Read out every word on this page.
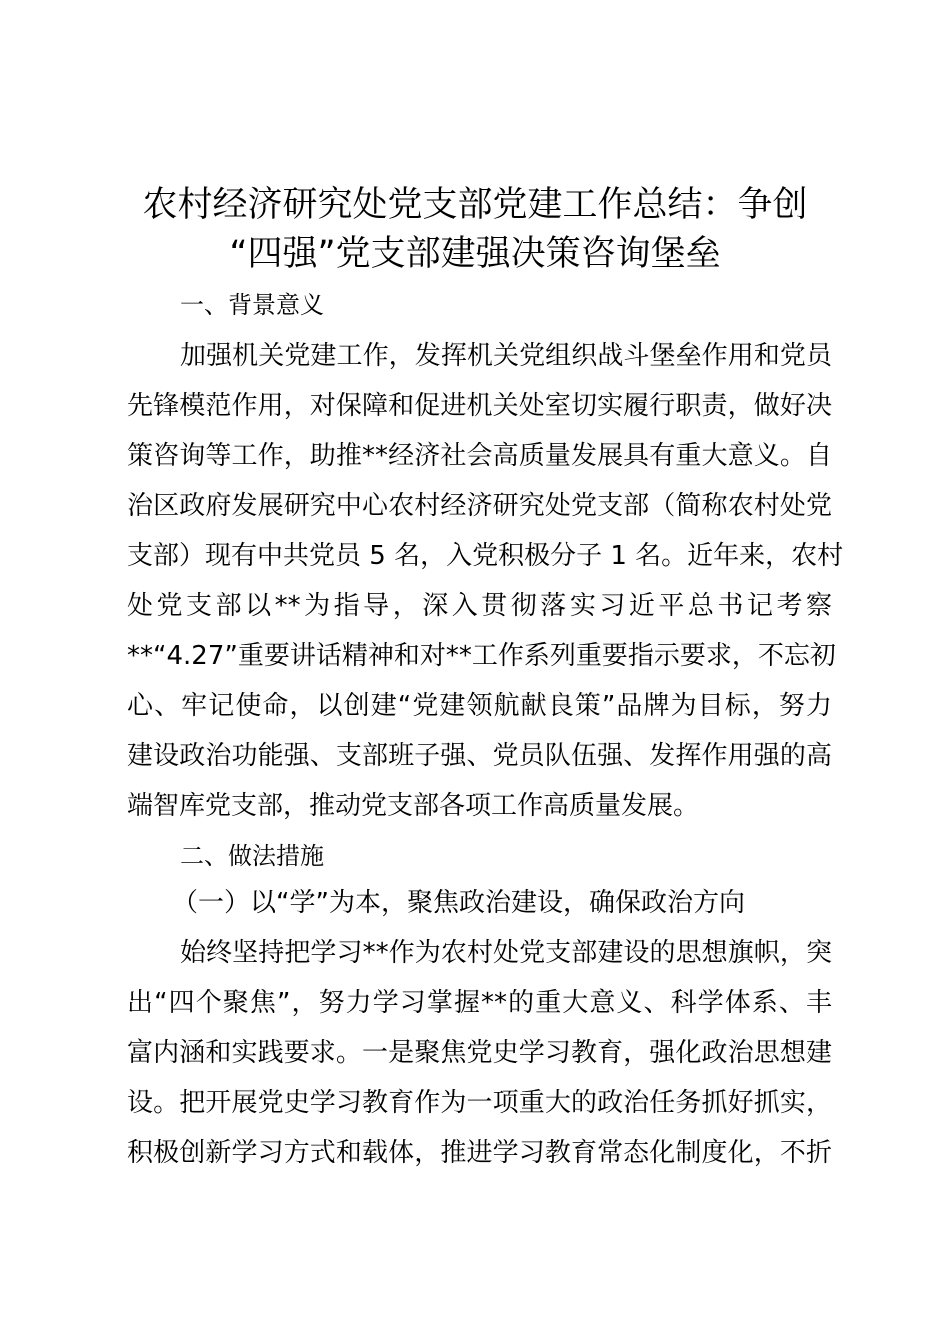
农村经济研究处党支部党建工作总结：争创
“四强”党支部建强决策咨询堡垒
一、背景意义
加强机关党建工作，发挥机关党组织战斗堡垒作用和党员
先锋模范作用，对保障和促进机关处室切实履行职责，做好决
策咨询等工作，助推**经济社会高质量发展具有重大意义。自
治区政府发展研究中心农村经济研究处党支部（简称农村处党
支部）现有中共党员 5 名，入党积极分子 1 名。近年来，农村
处党支部以**为指导，深入贯彻落实习近平总书记考察
**“4.27”重要讲话精神和对**工作系列重要指示要求，不忘初
心、牢记使命，以创建“党建领航献良策”品牌为目标，努力
建设政治功能强、支部班子强、党员队伍强、发挥作用强的高
端智库党支部，推动党支部各项工作高质量发展。
二、做法措施
（一）以“学”为本，聚焦政治建设，确保政治方向
始终坚持把学习**作为农村处党支部建设的思想旗帜，突
出“四个聚焦”，努力学习掌握**的重大意义、科学体系、丰
富内涵和实践要求。一是聚焦党史学习教育，强化政治思想建
设。把开展党史学习教育作为一项重大的政治任务抓好抓实，
积极创新学习方式和载体，推进学习教育常态化制度化，不折
